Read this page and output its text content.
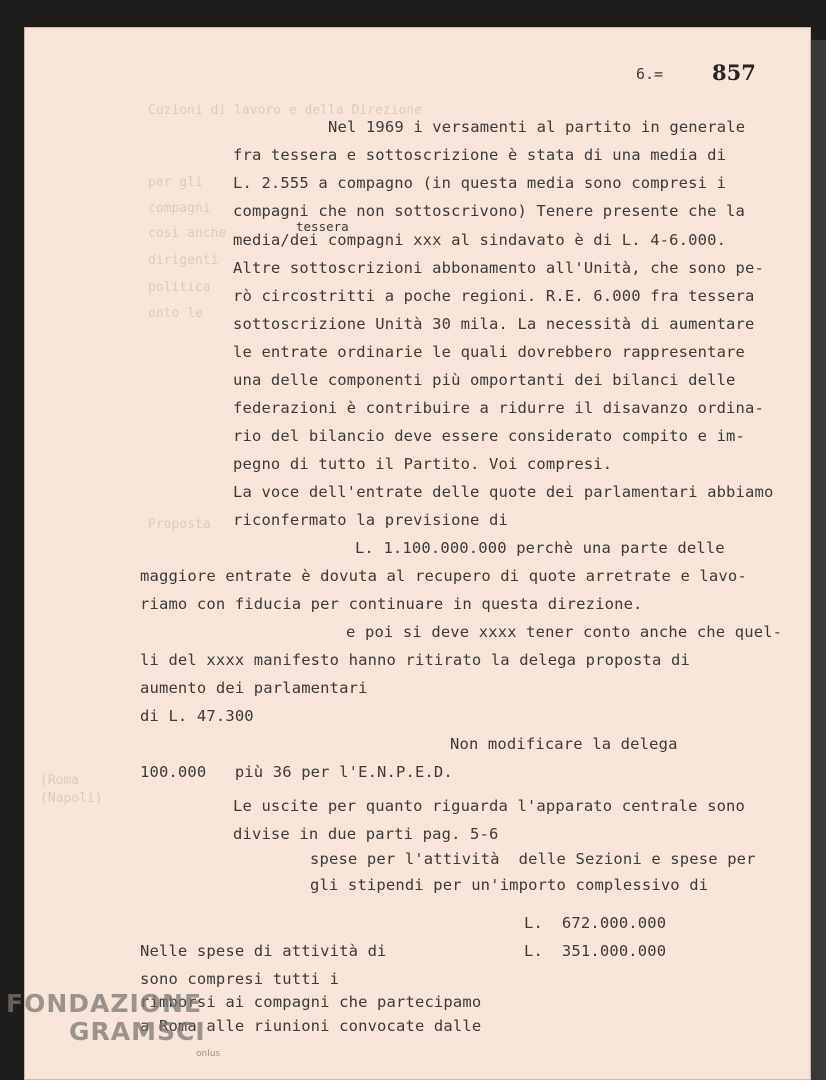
Cuzioni di lavoro e della Direzione
per gli
compagni
così anche
dirigenti
politica
onto le
Proposta
(Roma
(Napoli)
6.= 857
tessera
Nel 1969 i versamenti al partito in generale
fra tessera e sottoscrizione è stata di una media di
L. 2.555 a compagno (in questa media sono compresi i
compagni che non sottoscrivono) Tenere presente che la
media/dei compagni xxx al sindavato è di L. 4-6.000.
Altre sottoscrizioni abbonamento all'Unità, che sono pe-
rò circostritti a poche regioni. R.E. 6.000 fra tessera
sottoscrizione Unità 30 mila. La necessità di aumentare
le entrate ordinarie le quali dovrebbero rappresentare
una delle componenti più omportanti dei bilanci delle
federazioni è contribuire a ridurre il disavanzo ordina-
rio del bilancio deve essere considerato compito e im-
pegno di tutto il Partito. Voi compresi.
La voce dell'entrate delle quote dei parlamentari abbiamo
riconfermato la previsione di
L. 1.100.000.000 perchè una parte delle
maggiore entrate è dovuta al recupero di quote arretrate e lavo-
riamo con fiducia per continuare in questa direzione.
e poi si deve xxxx tener conto anche che quel-
li del xxxx manifesto hanno ritirato la delega proposta di
aumento dei parlamentari
di L. 47.300
Non modificare la delega
100.000   più 36 per l'E.N.P.E.D.
Le uscite per quanto riguarda l'apparato centrale sono
divise in due parti pag. 5-6
spese per l'attività  delle Sezioni e spese per
gli stipendi per un'importo complessivo di
L.  672.000.000
Nelle spese di attività di	L.  351.000.000
sono compresi tutti i
rimborsi ai compagni che partecipamo
a Roma alle riunioni convocate dalle
FONDAZIONE
GRAMSCI
onlus
